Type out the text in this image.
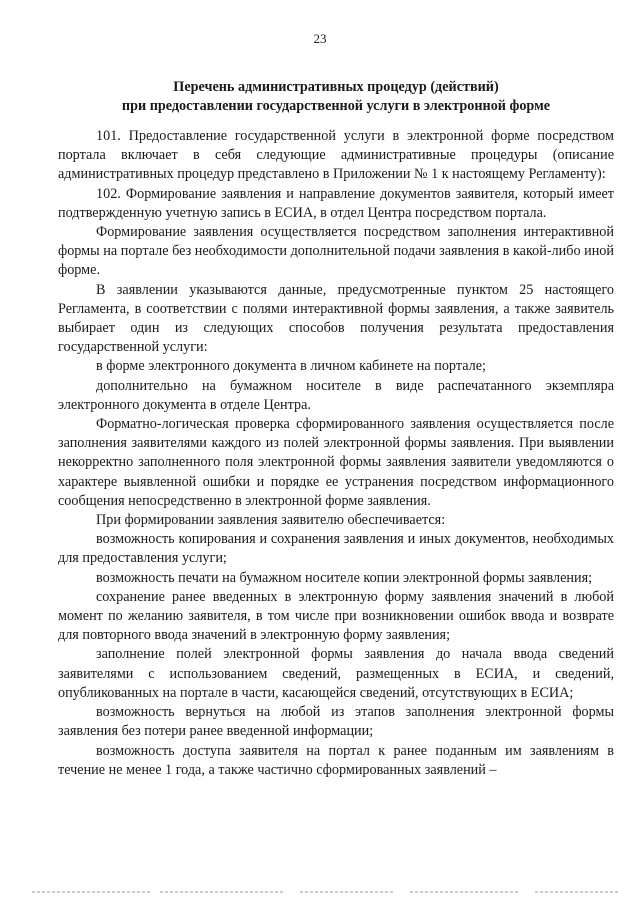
23
Перечень административных процедур (действий)
при предоставлении государственной услуги в электронной форме

101. Предоставление государственной услуги в электронной форме посредством портала включает в себя следующие административные процедуры (описание административных процедур представлено в Приложении № 1 к настоящему Регламенту):

102. Формирование заявления и направление документов заявителя, который имеет подтвержденную учетную запись в ЕСИА, в отдел Центра посредством портала.

Формирование заявления осуществляется посредством заполнения интерактивной формы на портале без необходимости дополнительной подачи заявления в какой-либо иной форме.

В заявлении указываются данные, предусмотренные пунктом 25 настоящего Регламента, в соответствии с полями интерактивной формы заявления, а также заявитель выбирает один из следующих способов получения результата предоставления государственной услуги:

в форме электронного документа в личном кабинете на портале;

дополнительно на бумажном носителе в виде распечатанного экземпляра электронного документа в отделе Центра.

Форматно-логическая проверка сформированного заявления осуществляется после заполнения заявителями каждого из полей электронной формы заявления. При выявлении некорректно заполненного поля электронной формы заявления заявители уведомляются о характере выявленной ошибки и порядке ее устранения посредством информационного сообщения непосредственно в электронной форме заявления.

При формировании заявления заявителю обеспечивается:

возможность копирования и сохранения заявления и иных документов, необходимых для предоставления услуги;

возможность печати на бумажном носителе копии электронной формы заявления;

сохранение ранее введенных в электронную форму заявления значений в любой момент по желанию заявителя, в том числе при возникновении ошибок ввода и возврате для повторного ввода значений в электронную форму заявления;

заполнение полей электронной формы заявления до начала ввода сведений заявителями с использованием сведений, размещенных в ЕСИА, и сведений, опубликованных на портале в части, касающейся сведений, отсутствующих в ЕСИА;

возможность вернуться на любой из этапов заполнения электронной формы заявления без потери ранее введенной информации;

возможность доступа заявителя на портал к ранее поданным им заявлениям в течение не менее 1 года, а также частично сформированных заявлений –
